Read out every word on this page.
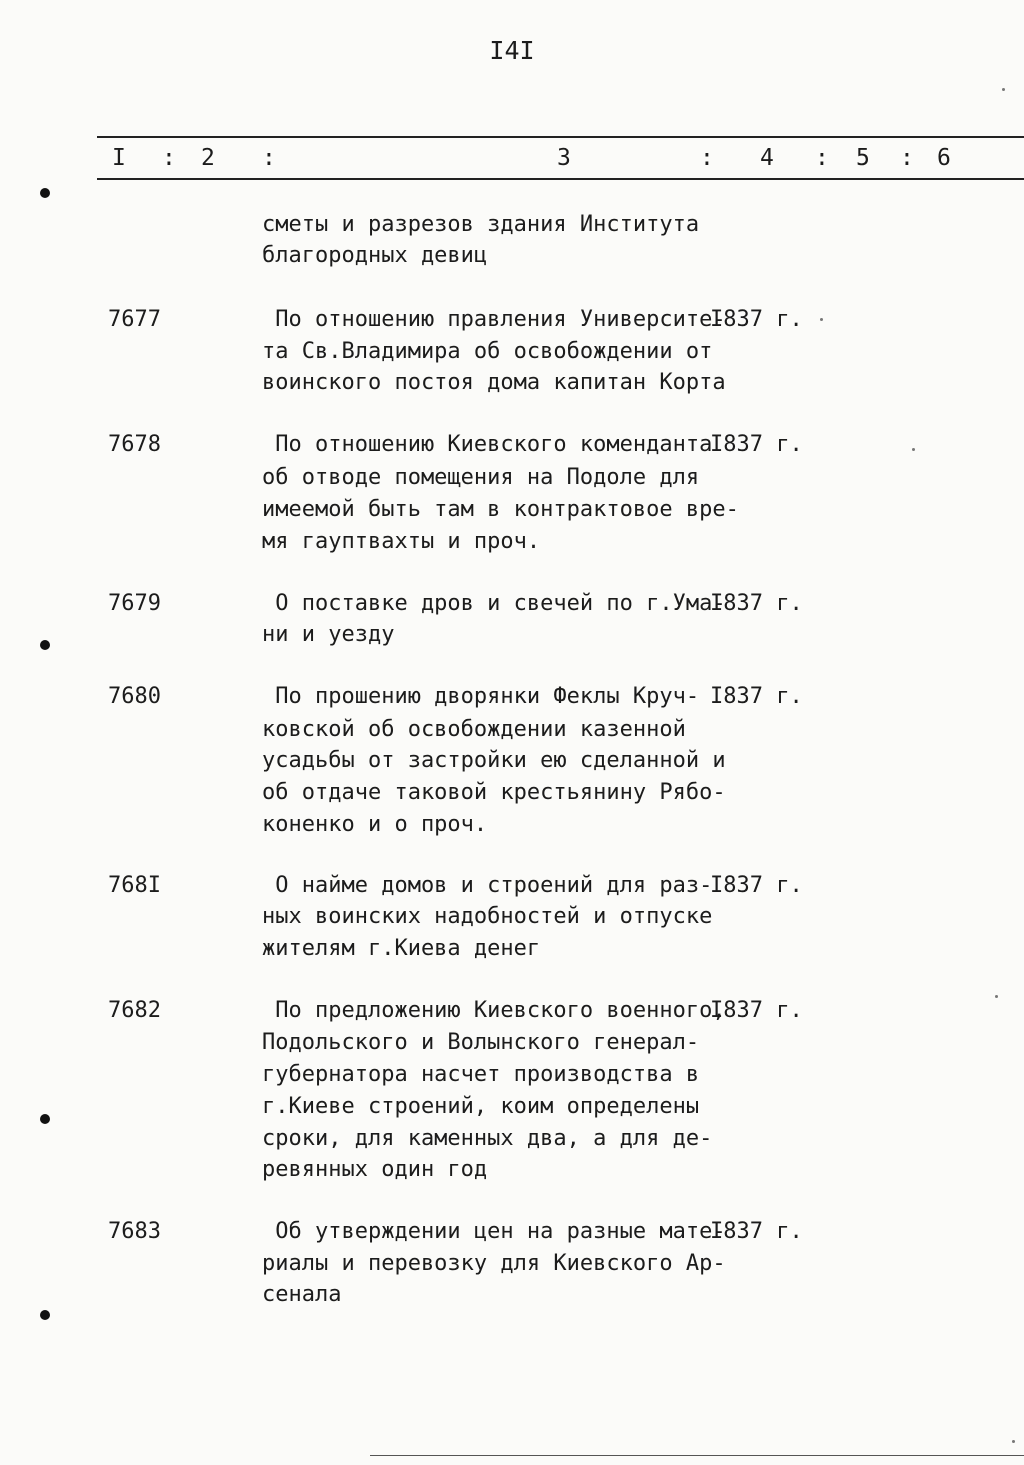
I4I
I : 2 :	3	: 4 : 5 : 6
сметы и разрезов здания Института
благородных девиц
7677	По отношению правления Университе-
та Св.Владимира об освобождении от
воинского постоя дома капитан Корта
I837 г.
7678	По отношению Киевского коменданта
об отводе помещения на Подоле для
имеемой быть там в контрактовое вре-
мя гауптвахты и проч.
I837 г.
7679	О поставке дров и свечей по г.Ума-
ни и уезду
I837 г.
7680	По прошению дворянки Феклы Круч-
ковской об освобождении казенной
усадьбы от застройки ею сделанной и
об отдаче таковой крестьянину Рябо-
коненко и о проч.
I837 г.
768I	О найме домов и строений для раз-
ных воинских надобностей и отпуске
жителям г.Киева денег
I837 г.
7682	По предложению Киевского военного,
Подольского и Волынского генерал-
губернатора насчет производства в
г.Киеве строений, коим определены
сроки, для каменных два, а для де-
ревянных один год
I837 г.
7683	Об утверждении цен на разные мате-
риалы и перевозку для Киевского Ар-
сенала
I837 г.
